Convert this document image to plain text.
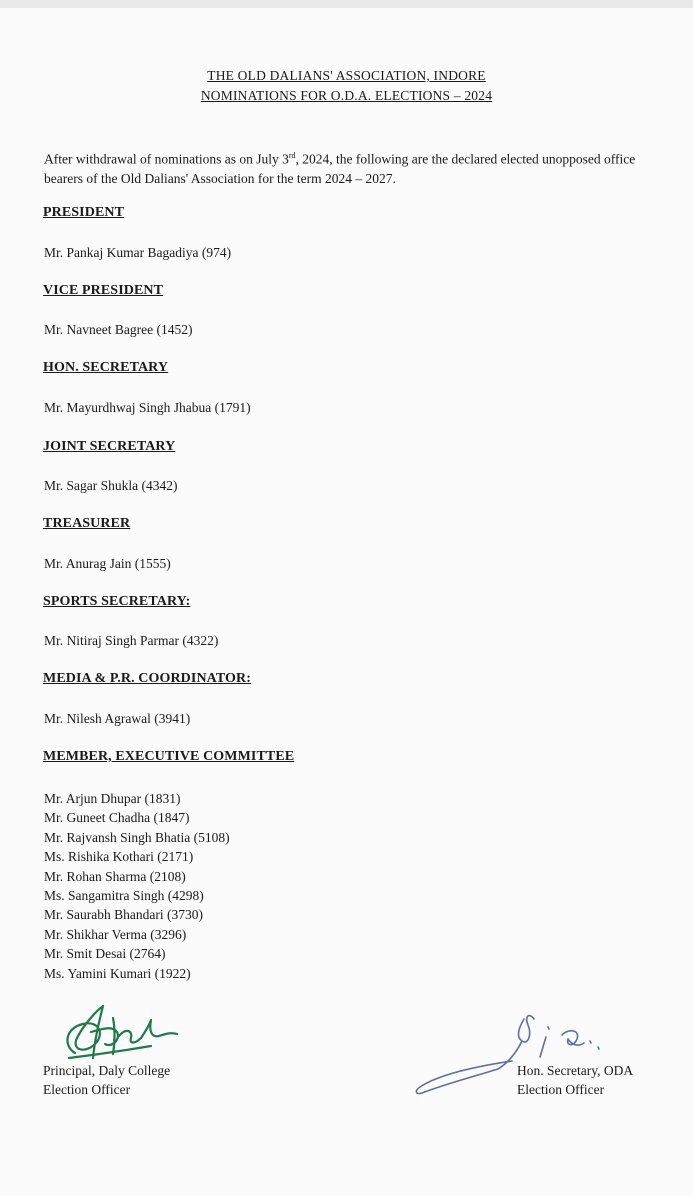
THE OLD DALIANS' ASSOCIATION, INDORE
NOMINATIONS FOR O.D.A. ELECTIONS – 2024
After withdrawal of nominations as on July 3rd, 2024, the following are the declared elected unopposed office bearers of the Old Dalians' Association for the term 2024 – 2027.
PRESIDENT
Mr. Pankaj Kumar Bagadiya (974)
VICE PRESIDENT
Mr. Navneet Bagree (1452)
HON. SECRETARY
Mr. Mayurdhwaj Singh Jhabua (1791)
JOINT SECRETARY
Mr. Sagar Shukla (4342)
TREASURER
Mr. Anurag Jain (1555)
SPORTS SECRETARY:
Mr. Nitiraj Singh Parmar (4322)
MEDIA & P.R. COORDINATOR:
Mr. Nilesh Agrawal (3941)
MEMBER, EXECUTIVE COMMITTEE
Mr. Arjun Dhupar (1831)
Mr. Guneet Chadha (1847)
Mr. Rajvansh Singh Bhatia (5108)
Ms. Rishika Kothari (2171)
Mr. Rohan Sharma (2108)
Ms. Sangamitra Singh (4298)
Mr. Saurabh Bhandari (3730)
Mr. Shikhar Verma (3296)
Mr. Smit Desai (2764)
Ms. Yamini Kumari (1922)
Principal, Daly College
Election Officer
Hon. Secretary, ODA
Election Officer
